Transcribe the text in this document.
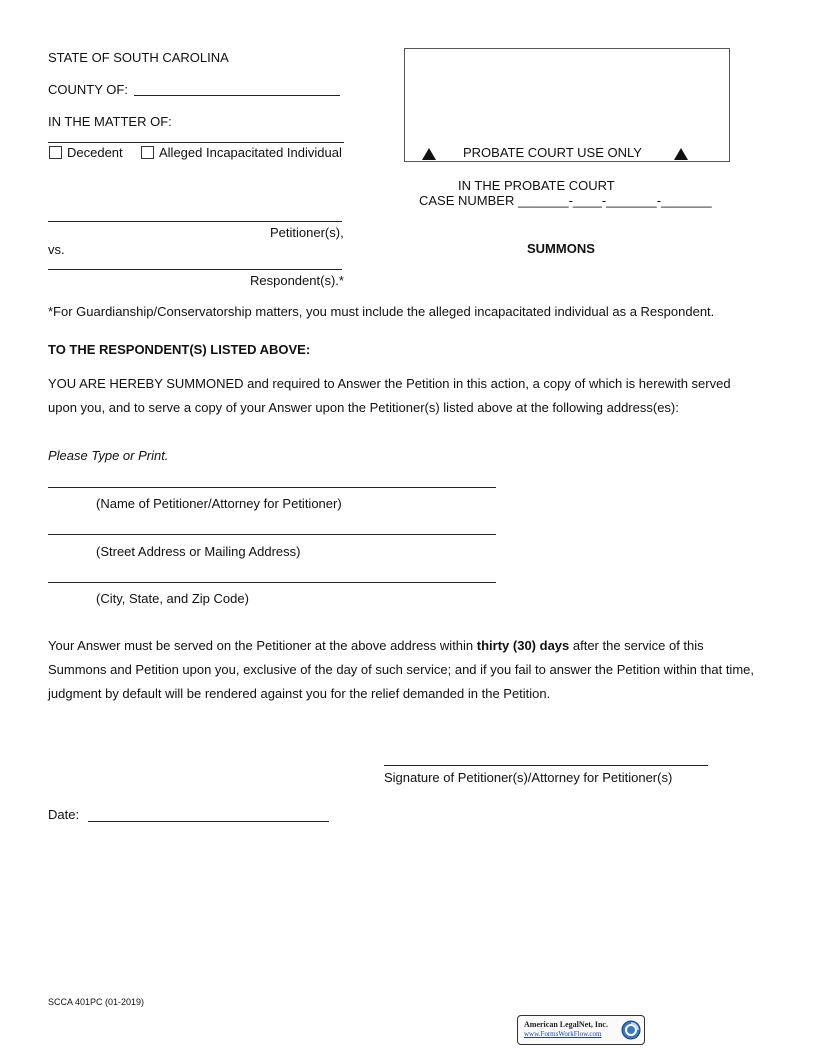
STATE OF SOUTH CAROLINA
COUNTY OF:
IN THE MATTER OF:
Decedent	Alleged Incapacitated Individual
Petitioner(s),
vs.
Respondent(s).*
PROBATE COURT USE ONLY
IN THE PROBATE COURT
CASE NUMBER _______-____-_______-_______
SUMMONS
*For Guardianship/Conservatorship matters, you must include the alleged incapacitated individual as a Respondent.
TO THE RESPONDENT(S) LISTED ABOVE:
YOU ARE HEREBY SUMMONED and required to Answer the Petition in this action, a copy of which is herewith served
upon you, and to serve a copy of your Answer upon the Petitioner(s) listed above at the following address(es):
Please Type or Print.
(Name of Petitioner/Attorney for Petitioner)
(Street Address or Mailing Address)
(City, State, and Zip Code)
Your Answer must be served on the Petitioner at the above address within thirty (30) days after the service of this
Summons and Petition upon you, exclusive of the day of such service; and if you fail to answer the Petition within that time,
judgment by default will be rendered against you for the relief demanded in the Petition.
Signature of Petitioner(s)/Attorney for Petitioner(s)
Date:
SCCA 401PC (01-2019)
American LegalNet, Inc.
www.FormsWorkFlow.com
